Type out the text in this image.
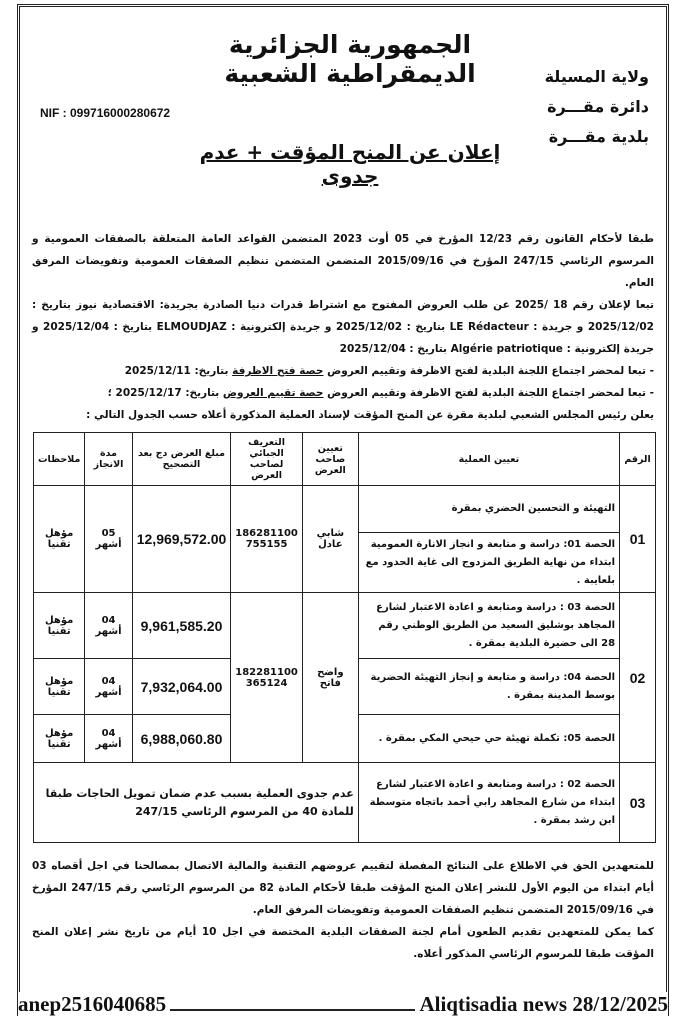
الجمهورية الجزائرية الديمقراطية الشعبية	ولاية المسيلة
دائرة مقـــرة
بلدية مقـــرة
NIF : 099716000280672
إعلان عن المنح المؤقت + عدم جدوى

طبقا لأحكام القانون رقم 12/23 المؤرخ في 05 أوت 2023 المتضمن القواعد العامة المتعلقة بالصفقات العمومية و المرسوم الرئاسي 247/15 المؤرخ في 2015/09/16 المتضمن المتضمن تنظيم الصفقات العمومية وتفويضات المرفق العام.

تبعا لإعلان رقم 18 /2025 عن طلب العروض المفتوح مع اشتراط قدرات دنيا الصادرة بجريدة: الاقتصادية نيوز بتاريخ : 2025/12/02 و جريدة : LE Rédacteur بتاريخ : 2025/12/02 و جريدة إلكترونية : ELMOUDJAZ بتاريخ : 2025/12/04 و جريدة إلكترونية : Algérie patriotique بتاريخ : 2025/12/04

- تبعا لمحضر اجتماع اللجنة البلدية لفتح الاظرفة وتقييم العروض حصة فتح الاظرفة بتاريخ: 2025/12/11

- تبعا لمحضر اجتماع اللجنة البلدية لفتح الاظرفة وتقييم العروض حصة تقييم العروض بتاريخ: 2025/12/17 ؛

يعلن رئيس المجلس الشعبي لبلدية مقرة عن المنح المؤقت لإسناد العملية المذكورة أعلاه حسب الجدول التالي :

الرقم	تعيين العملية	تعيين صاحب العرض	التعريف الجبائي لصاحب العرض	مبلغ العرض دج بعد التصحيح	مدة الانجاز	ملاحظات
01	التهيئة و التحسين الحضري بمقرة	شابي عادل	186281100 755155	12,969,572.00	05 أشهر	مؤهل تقنيا
	الحصة 01: دراسة و متابعة و انجاز الانارة العمومية ابتداء من نهاية الطريق المزدوج الى غاية الحدود مع بلعايبة .					
02	الحصة 03 : دراسة ومتابعة و اعادة الاعتبار لشارع المجاهد بوشليق السعيد من الطريق الوطني رقم 28 الى حضيرة البلدية بمقرة .	واضح فاتح	182281100 365124	9,961,585.20	04 أشهر	مؤهل تقنيا
	الحصة 04: دراسة و متابعة و إنجاز التهيئة الحضرية بوسط المدينة بمقرة .			7,932,064.00	04 أشهر	مؤهل تقنيا
	الحصة 05: تكملة تهيئة حي حيحي المكي بمقرة .			6,988,060.80	04 أشهر	مؤهل تقنيا
03	الحصة 02 : دراسة ومتابعة و اعادة الاعتبار لشارع ابتداء من شارع المجاهد رابي أحمد باتجاه متوسطة ابن رشد بمقرة .	عدم جدوى العملية بسبب عدم ضمان تمويل الحاجات طبقا للمادة 40 من المرسوم الرئاسي 247/15				

للمتعهدين الحق في الاطلاع على النتائج المفصلة لتقييم عروضهم التقنية والمالية الاتصال بمصالحنا في اجل أقصاه 03 أيام ابتداء من اليوم الأول للنشر إعلان المنح المؤقت طبقا لأحكام المادة 82 من المرسوم الرئاسي رقم 247/15 المؤرخ في 2015/09/16 المتضمن تنظيم الصفقات العمومية وتفويضات المرفق العام.

كما يمكن للمتعهدين تقديم الطعون أمام لجنة الصفقات البلدية المختصة في اجل 10 أيام من تاريخ نشر إعلان المنح المؤقت طبقا للمرسوم الرئاسي المذكور أعلاه.

anep2516040685	Aliqtisadia news 28/12/2025
